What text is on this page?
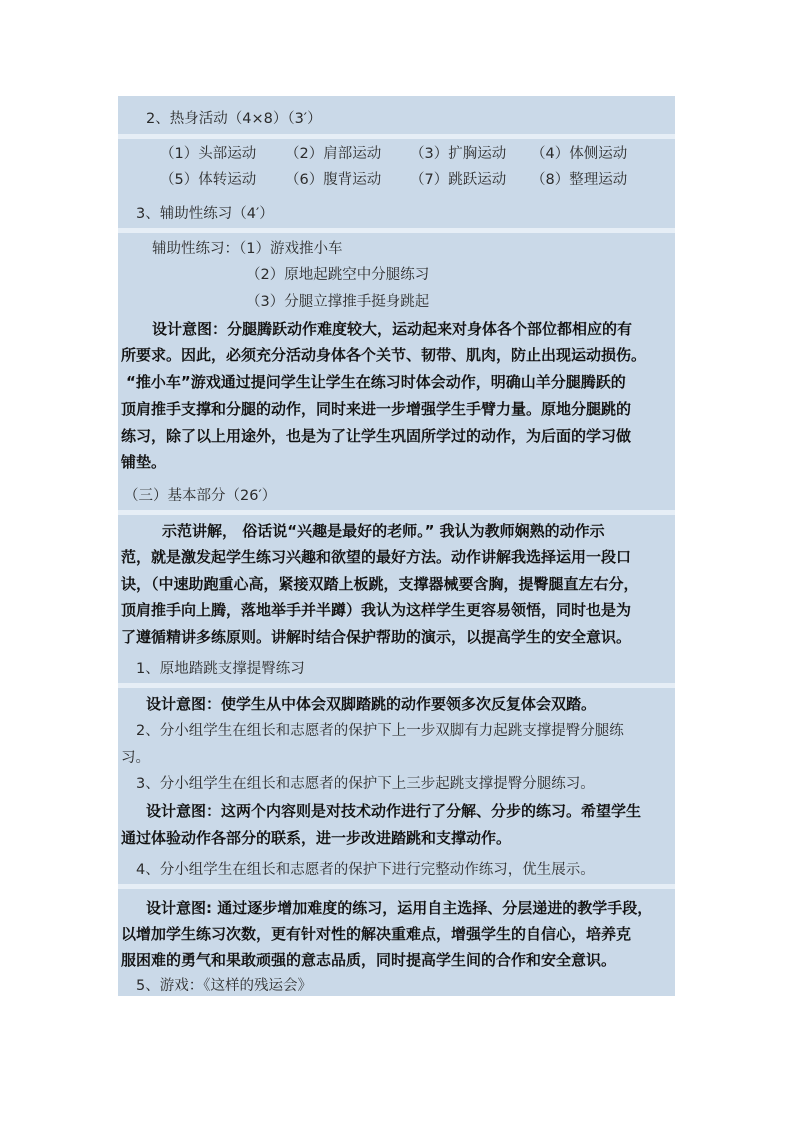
2、热身活动（4×8）（3′）
（1）头部运动 （2）肩部运动 （3）扩胸运动 （4）体侧运动
（5）体转运动 （6）腹背运动 （7）跳跃运动 （8）整理运动
3、辅助性练习（4′）
辅助性练习：（1）游戏推小车
（2）原地起跳空中分腿练习
（3）分腿立撑推手挺身跳起
设计意图：分腿腾跃动作难度较大，运动起来对身体各个部位都相应的有
所要求。因此，必须充分活动身体各个关节、韧带、肌肉，防止出现运动损伤。
“推小车”游戏通过提问学生让学生在练习时体会动作，明确山羊分腿腾跃的
顶肩推手支撑和分腿的动作，同时来进一步增强学生手臂力量。原地分腿跳的
练习，除了以上用途外，也是为了让学生巩固所学过的动作，为后面的学习做
铺垫。
（三）基本部分（26′）
示范讲解， 俗话说“兴趣是最好的老师。” 我认为教师娴熟的动作示
范，就是激发起学生练习兴趣和欲望的最好方法。动作讲解我选择运用一段口
诀，（中速助跑重心高，紧接双踏上板跳，支撑器械要含胸，提臀腿直左右分，
顶肩推手向上腾，落地举手并半蹲）我认为这样学生更容易领悟，同时也是为
了遵循精讲多练原则。讲解时结合保护帮助的演示，以提高学生的安全意识。
1、原地踏跳支撑提臀练习
设计意图：使学生从中体会双脚踏跳的动作要领多次反复体会双踏。
2、分小组学生在组长和志愿者的保护下上一步双脚有力起跳支撑提臀分腿练
习。
3、分小组学生在组长和志愿者的保护下上三步起跳支撑提臀分腿练习。
设计意图：这两个内容则是对技术动作进行了分解、分步的练习。希望学生
通过体验动作各部分的联系，进一步改进踏跳和支撑动作。
4、分小组学生在组长和志愿者的保护下进行完整动作练习，优生展示。
设计意图: 通过逐步增加难度的练习，运用自主选择、分层递进的教学手段，
以增加学生练习次数，更有针对性的解决重难点，增强学生的自信心，培养克
服困难的勇气和果敢顽强的意志品质，同时提高学生间的合作和安全意识。
5、游戏：《这样的残运会》
